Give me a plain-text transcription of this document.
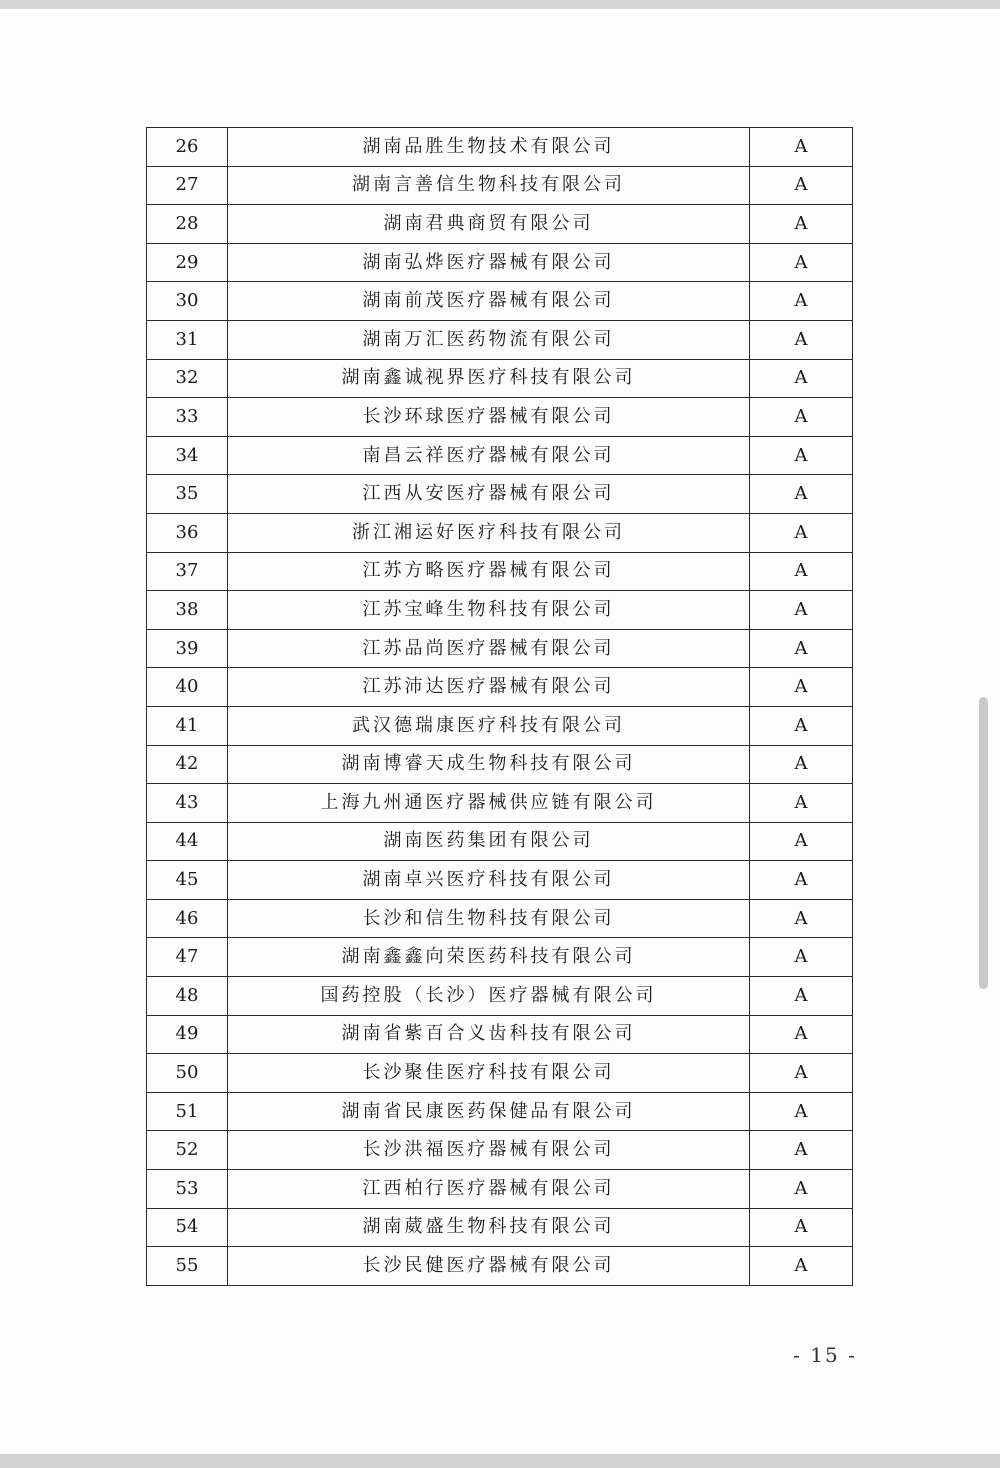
26	湖南品胜生物技术有限公司	A
27	湖南言善信生物科技有限公司	A
28	湖南君典商贸有限公司	A
29	湖南弘烨医疗器械有限公司	A
30	湖南前茂医疗器械有限公司	A
31	湖南万汇医药物流有限公司	A
32	湖南鑫诚视界医疗科技有限公司	A
33	长沙环球医疗器械有限公司	A
34	南昌云祥医疗器械有限公司	A
35	江西从安医疗器械有限公司	A
36	浙江湘运好医疗科技有限公司	A
37	江苏方略医疗器械有限公司	A
38	江苏宝峰生物科技有限公司	A
39	江苏品尚医疗器械有限公司	A
40	江苏沛达医疗器械有限公司	A
41	武汉德瑞康医疗科技有限公司	A
42	湖南博睿天成生物科技有限公司	A
43	上海九州通医疗器械供应链有限公司	A
44	湖南医药集团有限公司	A
45	湖南卓兴医疗科技有限公司	A
46	长沙和信生物科技有限公司	A
47	湖南鑫鑫向荣医药科技有限公司	A
48	国药控股（长沙）医疗器械有限公司	A
49	湖南省紫百合义齿科技有限公司	A
50	长沙聚佳医疗科技有限公司	A
51	湖南省民康医药保健品有限公司	A
52	长沙洪福医疗器械有限公司	A
53	江西柏行医疗器械有限公司	A
54	湖南葳盛生物科技有限公司	A
55	长沙民健医疗器械有限公司	A
- 15 -
